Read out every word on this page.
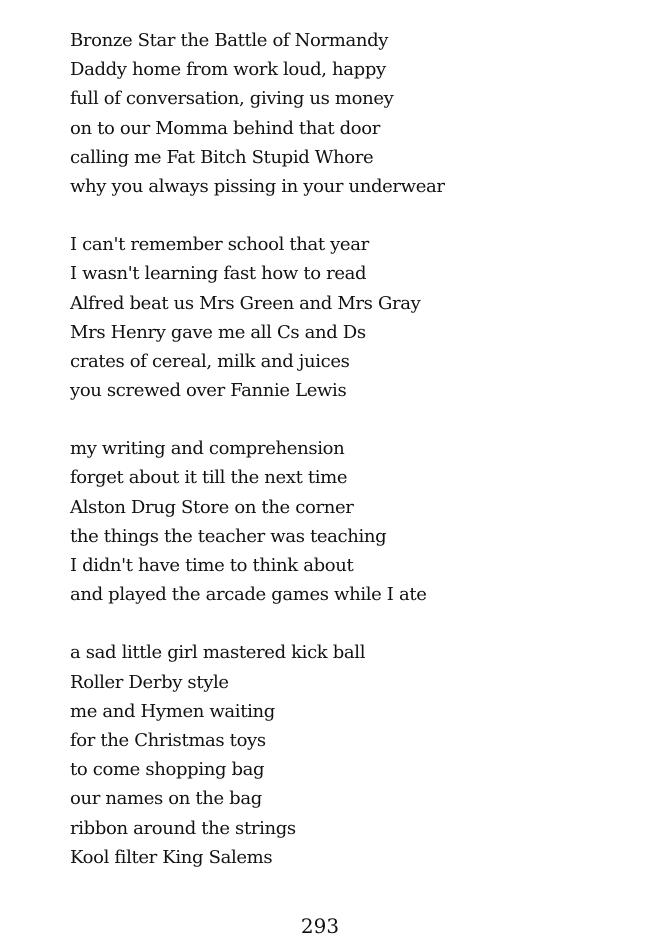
Bronze Star the Battle of Normandy
Daddy home from work loud, happy
full of conversation, giving us money
on to our Momma behind that door
calling me Fat Bitch Stupid Whore
why you always pissing in your underwear
I can't remember school that year
I wasn't learning fast how to read
Alfred beat us Mrs Green and Mrs Gray
Mrs Henry gave me all Cs and Ds
crates of cereal, milk and juices
you screwed over Fannie Lewis
my writing and comprehension
forget about it till the next time
Alston Drug Store on the corner
the things the teacher was teaching
I didn't have time to think about
and played the arcade games while I ate
a sad little girl mastered kick ball
Roller Derby style
me and Hymen waiting
for the Christmas toys
to come shopping bag
our names on the bag
ribbon around the strings
Kool filter King Salems
293
